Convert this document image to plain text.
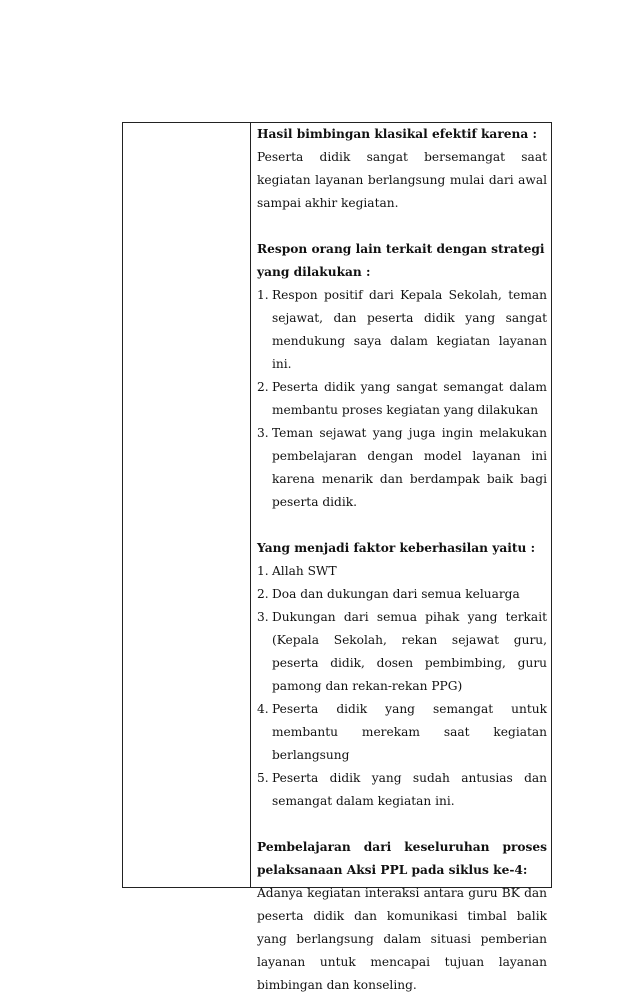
Hasil bimbingan klasikal efektif karena :
Peserta didik sangat bersemangat saat kegiatan layanan berlangsung mulai dari awal sampai akhir kegiatan.
Respon orang lain terkait dengan strategi yang dilakukan :
1. Respon positif dari Kepala Sekolah, teman sejawat, dan peserta didik yang sangat mendukung saya dalam kegiatan layanan ini.
2. Peserta didik yang sangat semangat dalam membantu proses kegiatan yang dilakukan
3. Teman sejawat yang juga ingin melakukan pembelajaran dengan model layanan ini karena menarik dan berdampak baik bagi peserta didik.
Yang menjadi faktor keberhasilan yaitu :
1. Allah SWT
2. Doa dan dukungan dari semua keluarga
3. Dukungan dari semua pihak yang terkait (Kepala Sekolah, rekan sejawat guru, peserta didik, dosen pembimbing, guru pamong dan rekan-rekan PPG)
4. Peserta didik yang semangat untuk membantu merekam saat kegiatan berlangsung
5. Peserta didik yang sudah antusias dan semangat dalam kegiatan ini.
Pembelajaran dari keseluruhan proses pelaksanaan Aksi PPL pada siklus ke-4:
Adanya kegiatan interaksi antara guru BK dan peserta didik dan komunikasi timbal balik yang berlangsung dalam situasi pemberian layanan untuk mencapai tujuan layanan bimbingan dan konseling.
